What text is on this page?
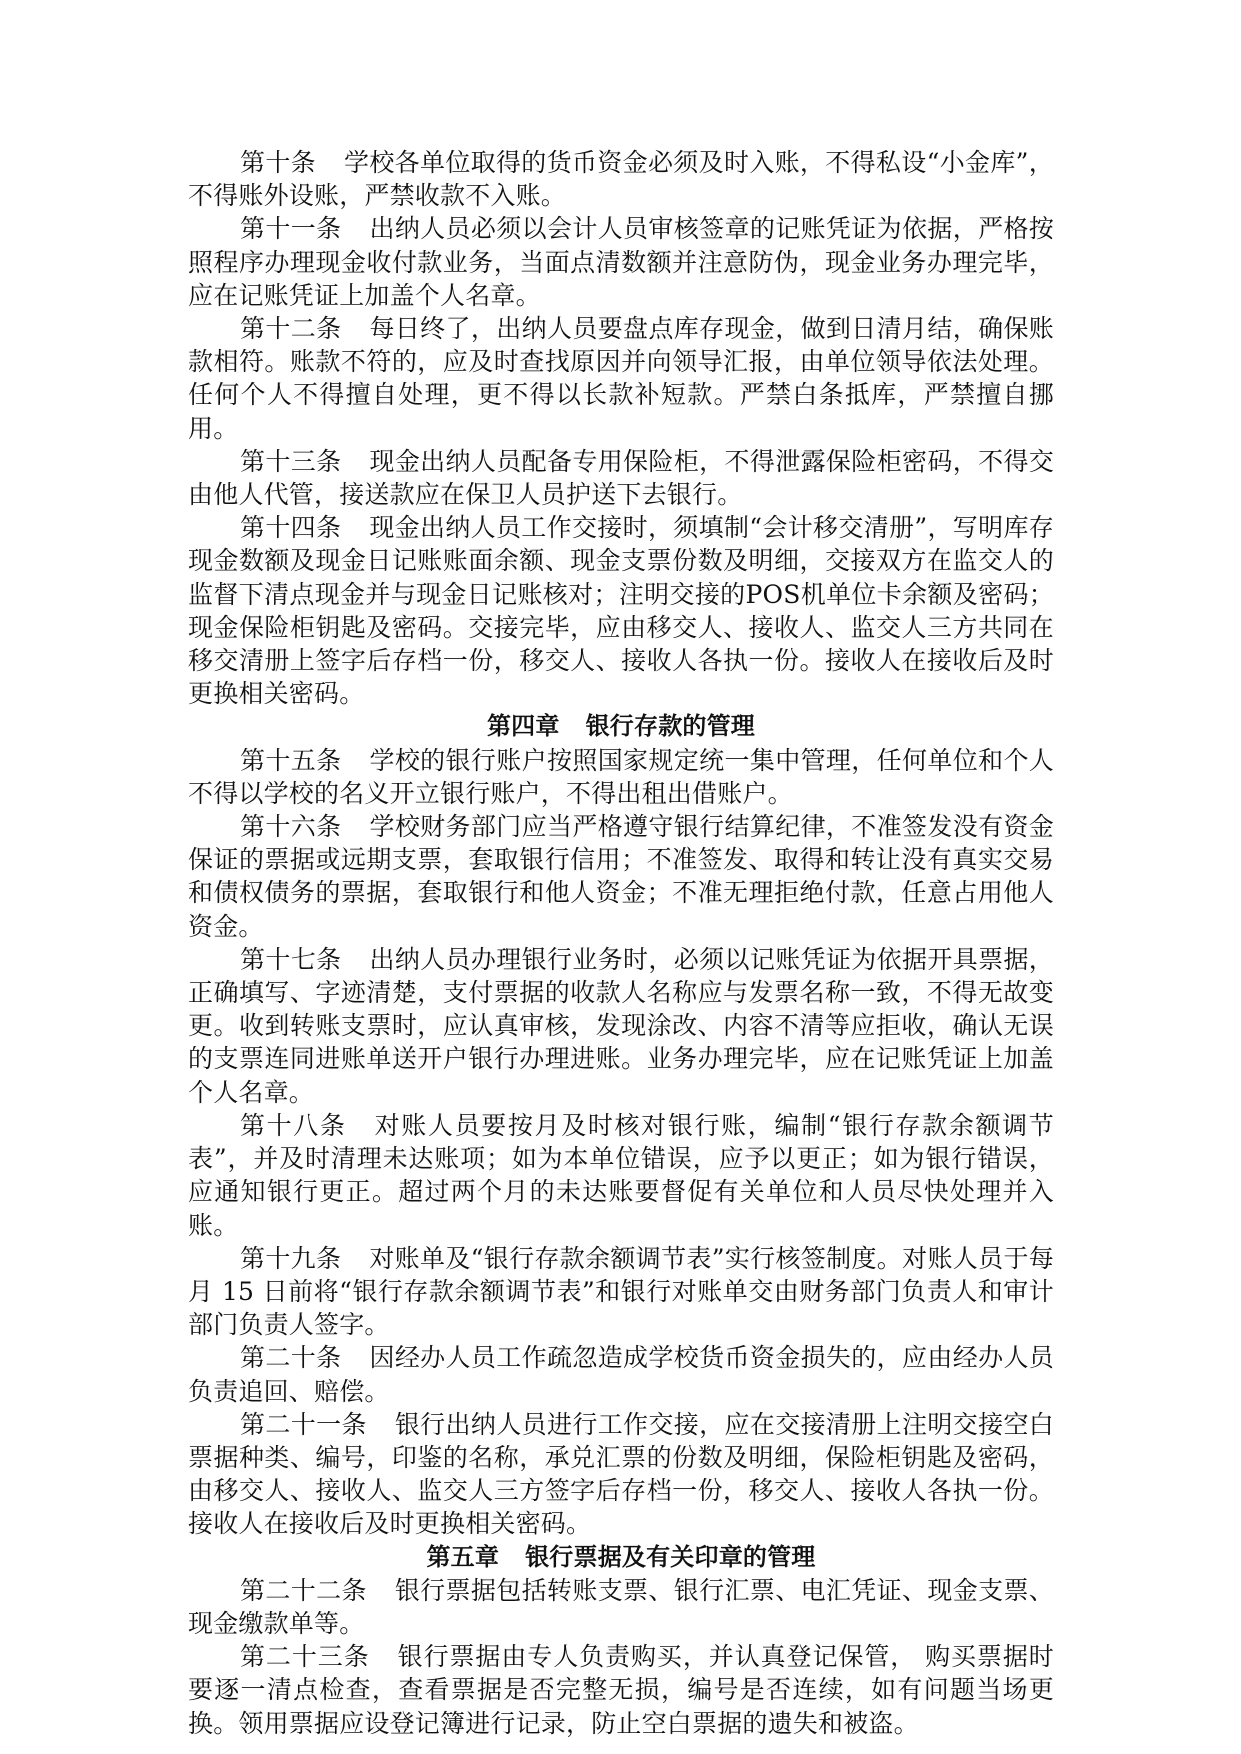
第十条 学校各单位取得的货币资金必须及时入账，不得私设“小金库”，不得账外设账，严禁收款不入账。

第十一条 出纳人员必须以会计人员审核签章的记账凭证为依据，严格按照程序办理现金收付款业务，当面点清数额并注意防伪，现金业务办理完毕，应在记账凭证上加盖个人名章。

第十二条 每日终了，出纳人员要盘点库存现金，做到日清月结，确保账款相符。账款不符的，应及时查找原因并向领导汇报，由单位领导依法处理。任何个人不得擅自处理，更不得以长款补短款。严禁白条抵库，严禁擅自挪用。

第十三条 现金出纳人员配备专用保险柜，不得泄露保险柜密码，不得交由他人代管，接送款应在保卫人员护送下去银行。

第十四条 现金出纳人员工作交接时，须填制“会计移交清册”，写明库存现金数额及现金日记账账面余额、现金支票份数及明细，交接双方在监交人的监督下清点现金并与现金日记账核对；注明交接的POS机单位卡余额及密码；现金保险柜钥匙及密码。交接完毕，应由移交人、接收人、监交人三方共同在移交清册上签字后存档一份，移交人、接收人各执一份。接收人在接收后及时更换相关密码。

第四章 银行存款的管理

第十五条 学校的银行账户按照国家规定统一集中管理，任何单位和个人不得以学校的名义开立银行账户，不得出租出借账户。

第十六条 学校财务部门应当严格遵守银行结算纪律，不准签发没有资金保证的票据或远期支票，套取银行信用；不准签发、取得和转让没有真实交易和债权债务的票据，套取银行和他人资金；不准无理拒绝付款，任意占用他人资金。

第十七条 出纳人员办理银行业务时，必须以记账凭证为依据开具票据，正确填写、字迹清楚，支付票据的收款人名称应与发票名称一致，不得无故变更。收到转账支票时，应认真审核，发现涂改、内容不清等应拒收，确认无误的支票连同进账单送开户银行办理进账。业务办理完毕，应在记账凭证上加盖个人名章。

第十八条 对账人员要按月及时核对银行账，编制“银行存款余额调节表”，并及时清理未达账项；如为本单位错误，应予以更正；如为银行错误，应通知银行更正。超过两个月的未达账要督促有关单位和人员尽快处理并入账。

第十九条 对账单及“银行存款余额调节表”实行核签制度。对账人员于每月 15 日前将“银行存款余额调节表”和银行对账单交由财务部门负责人和审计部门负责人签字。

第二十条 因经办人员工作疏忽造成学校货币资金损失的，应由经办人员负责追回、赔偿。

第二十一条 银行出纳人员进行工作交接，应在交接清册上注明交接空白票据种类、编号，印鉴的名称，承兑汇票的份数及明细，保险柜钥匙及密码，由移交人、接收人、监交人三方签字后存档一份，移交人、接收人各执一份。接收人在接收后及时更换相关密码。

第五章 银行票据及有关印章的管理

第二十二条 银行票据包括转账支票、银行汇票、电汇凭证、现金支票、现金缴款单等。

第二十三条 银行票据由专人负责购买，并认真登记保管， 购买票据时要逐一清点检查，查看票据是否完整无损，编号是否连续，如有问题当场更换。领用票据应设登记簿进行记录，防止空白票据的遗失和被盗。
